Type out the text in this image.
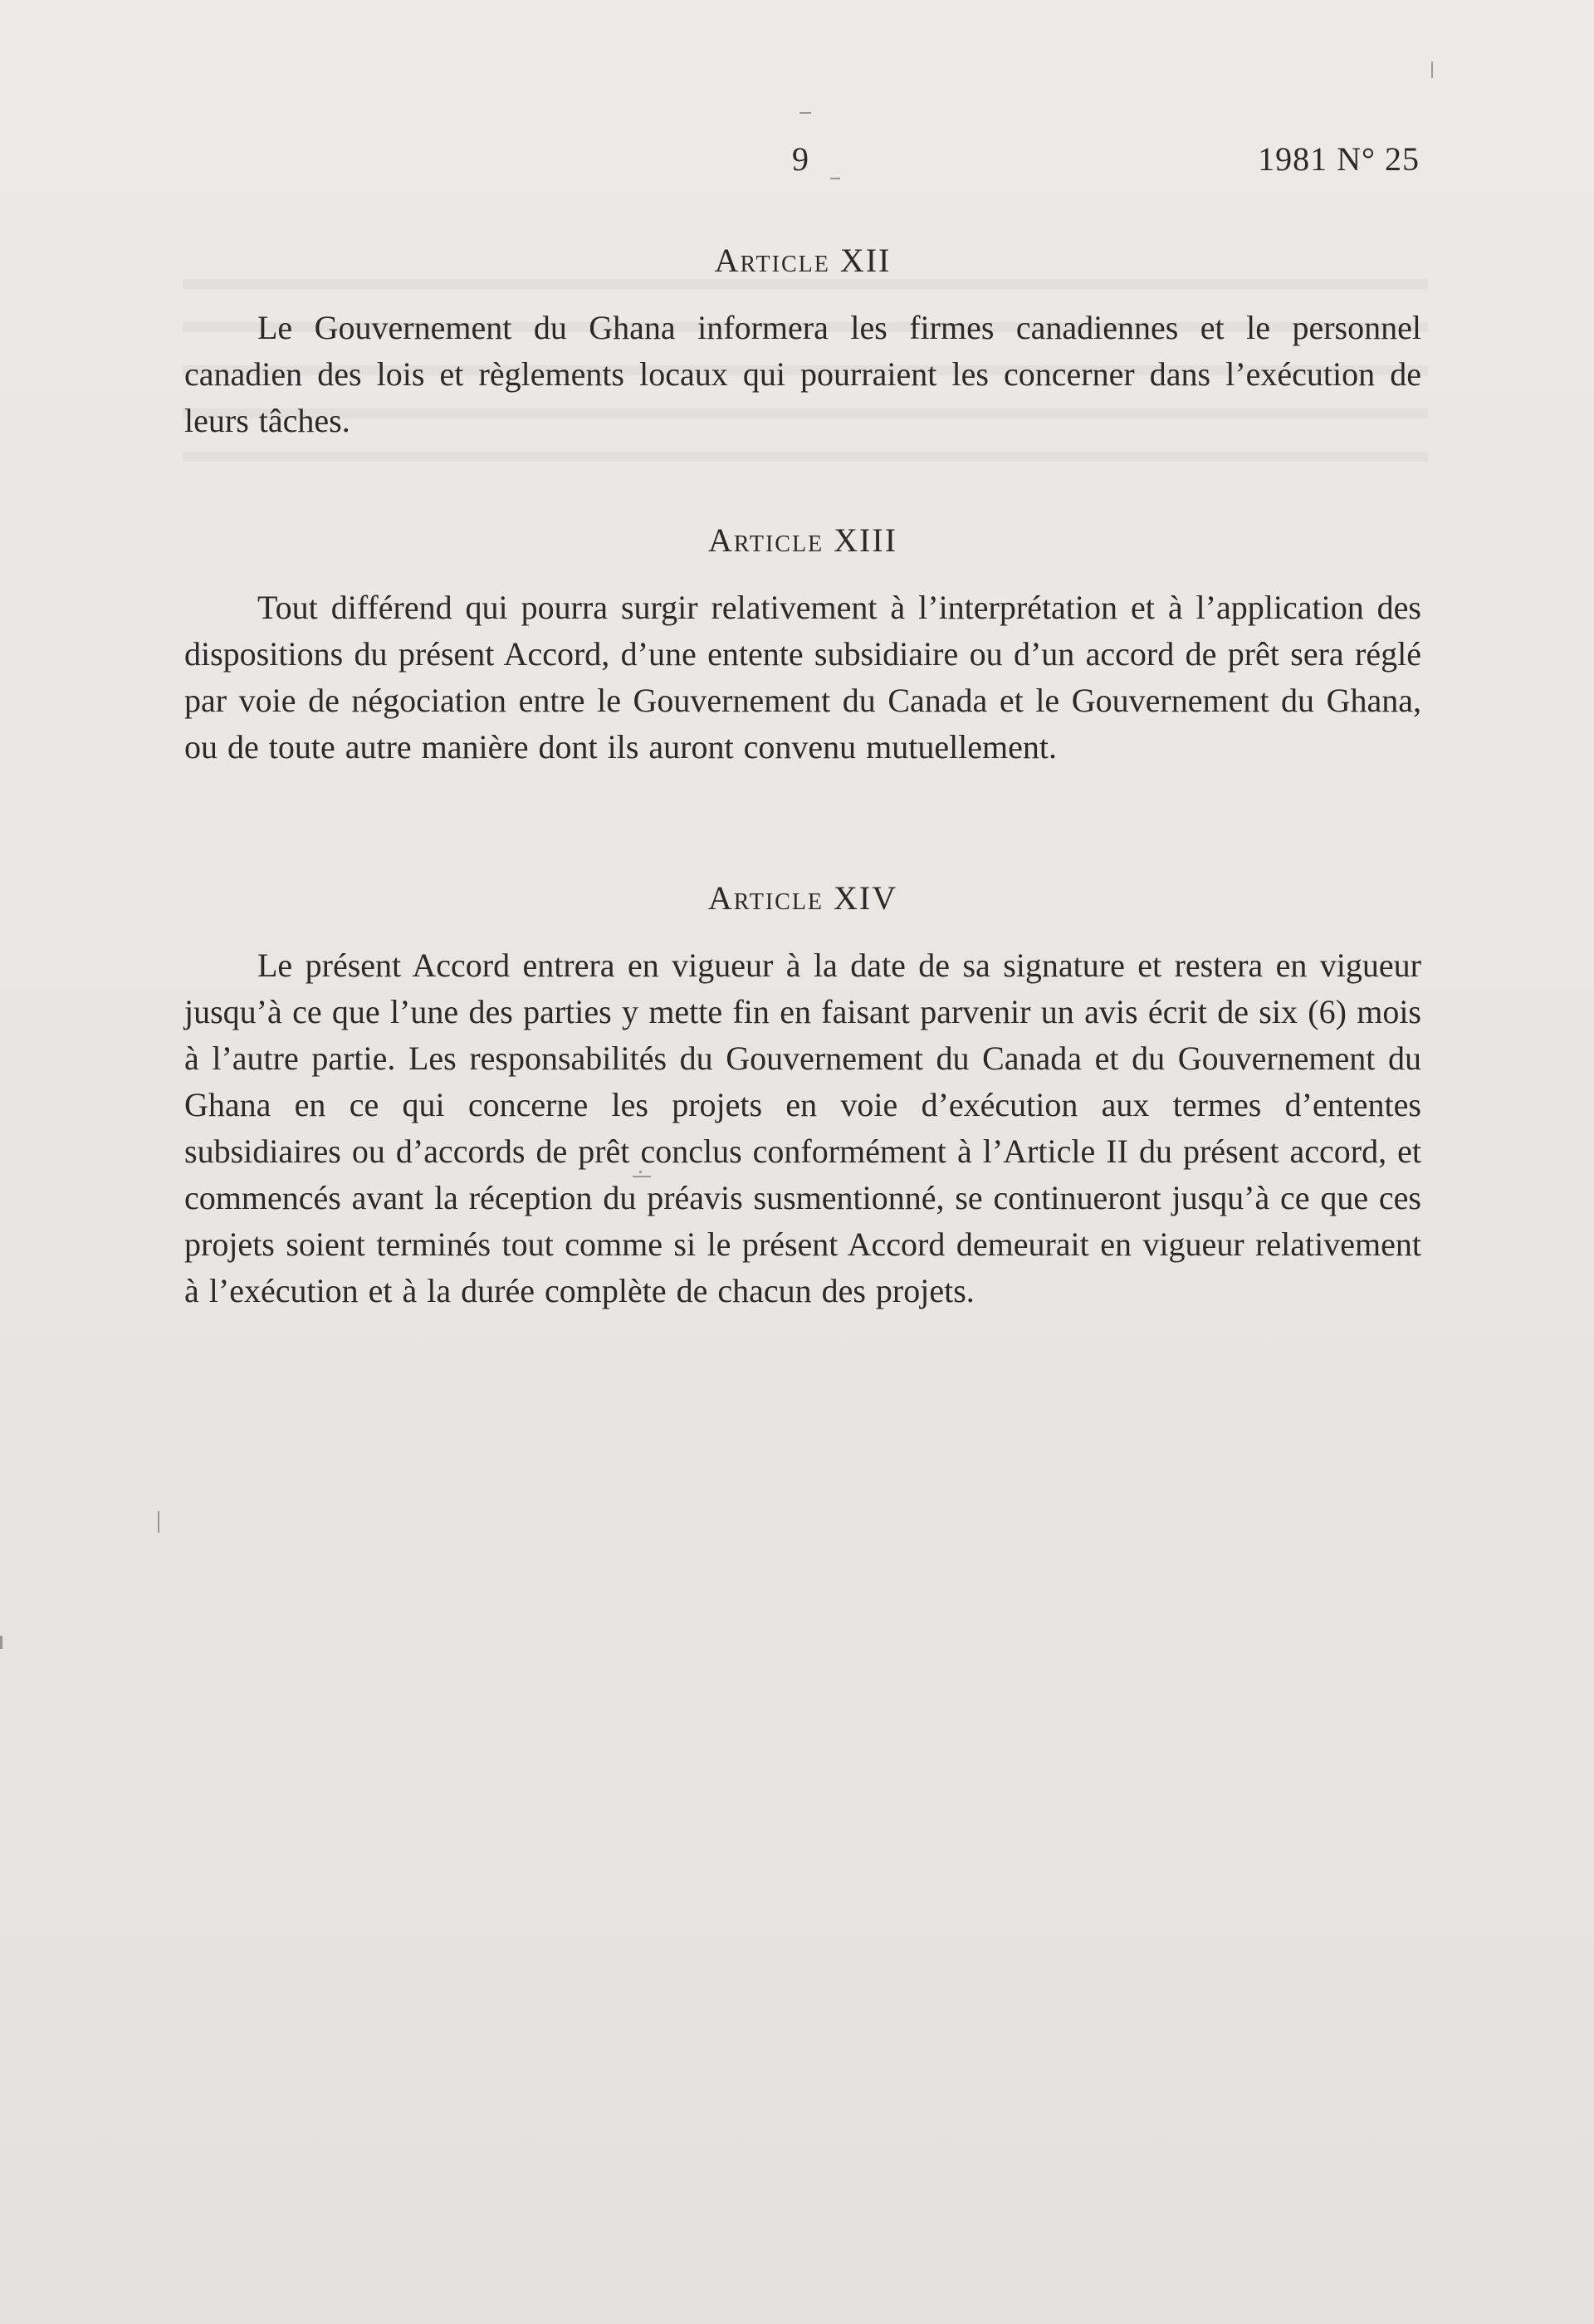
9	1981 N° 25
Article XII

Le Gouvernement du Ghana informera les firmes canadiennes et le personnel canadien des lois et règlements locaux qui pourraient les concerner dans l’exécution de leurs tâches.

Article XIII

Tout différend qui pourra surgir relativement à l’interprétation et à l’application des dispositions du présent Accord, d’une entente subsidiaire ou d’un accord de prêt sera réglé par voie de négociation entre le Gouvernement du Canada et le Gouvernement du Ghana, ou de toute autre manière dont ils auront convenu mutuellement.

Article XIV

Le présent Accord entrera en vigueur à la date de sa signature et restera en vigueur jusqu’à ce que l’une des parties y mette fin en faisant parvenir un avis écrit de six (6) mois à l’autre partie. Les responsabilités du Gouvernement du Canada et du Gouvernement du Ghana en ce qui concerne les projets en voie d’exécution aux termes d’ententes subsidiaires ou d’accords de prêt conclus conformément à l’Article II du présent accord, et commencés avant la réception du préavis susmentionné, se continueront jusqu’à ce que ces projets soient terminés tout comme si le présent Accord demeurait en vigueur relativement à l’exécution et à la durée complète de chacun des projets.
